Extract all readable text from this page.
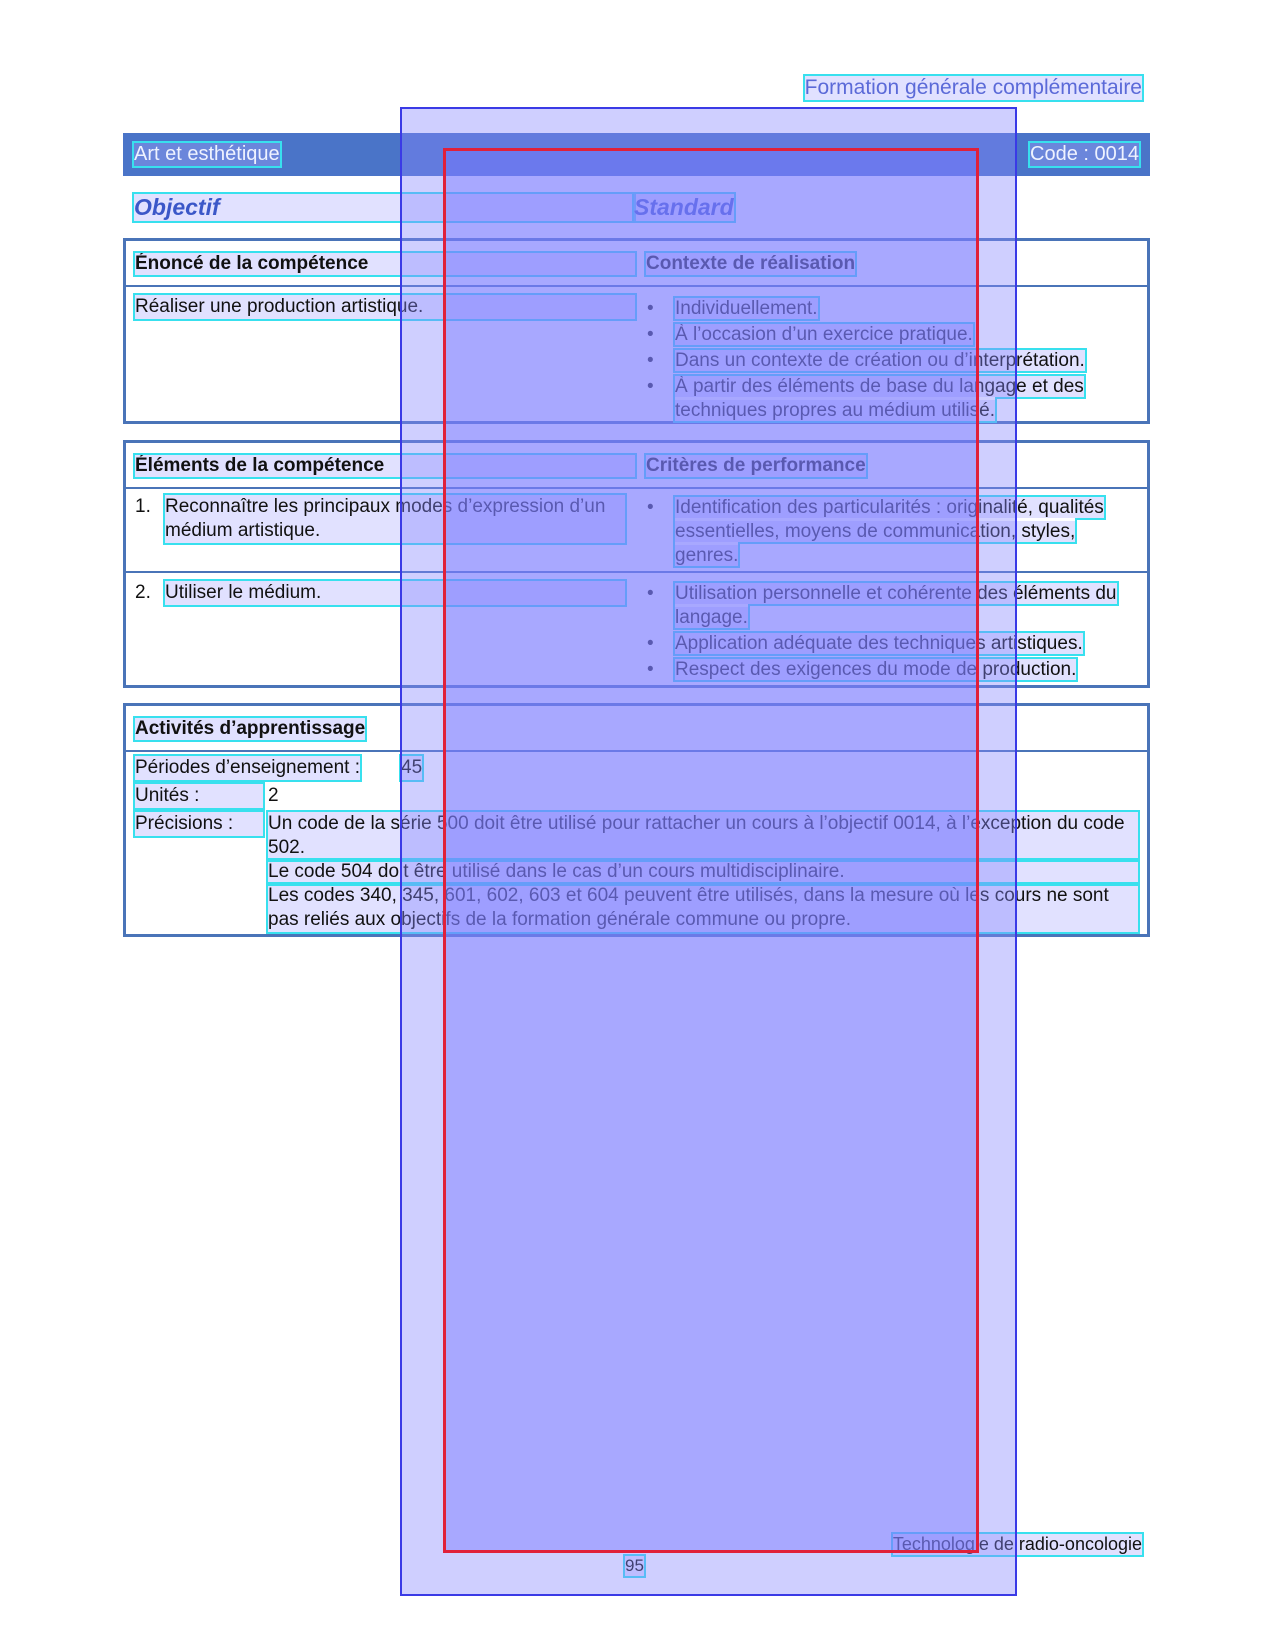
Formation générale complémentaire
Art et esthétique	Code : 0014
Objectif	Standard
Énoncé de la compétence	Contexte de réalisation
Réaliser une production artistique.	• Individuellement.
• À l’occasion d’un exercice pratique.
• Dans un contexte de création ou d’interprétation.
• À partir des éléments de base du langage et des techniques propres au médium utilisé.
Éléments de la compétence	Critères de performance
1. Reconnaître les principaux modes d’expression d’un médium artistique.
• Identification des particularités : originalité, qualités essentielles, moyens de communication, styles, genres.
2. Utiliser le médium.	• Utilisation personnelle et cohérente des éléments du langage.
• Application adéquate des techniques artistiques.
• Respect des exigences du mode de production.
Activités d’apprentissage
Périodes d’enseignement : 45
Unités :	2
Précisions :	Un code de la série 500 doit être utilisé pour rattacher un cours à l’objectif 0014, à l’exception du code 502.
Le code 504 doit être utilisé dans le cas d’un cours multidisciplinaire.
Les codes 340, 345, 601, 602, 603 et 604 peuvent être utilisés, dans la mesure où les cours ne sont pas reliés aux objectifs de la formation générale commune ou propre.
Technologie de radio-oncologie
95
